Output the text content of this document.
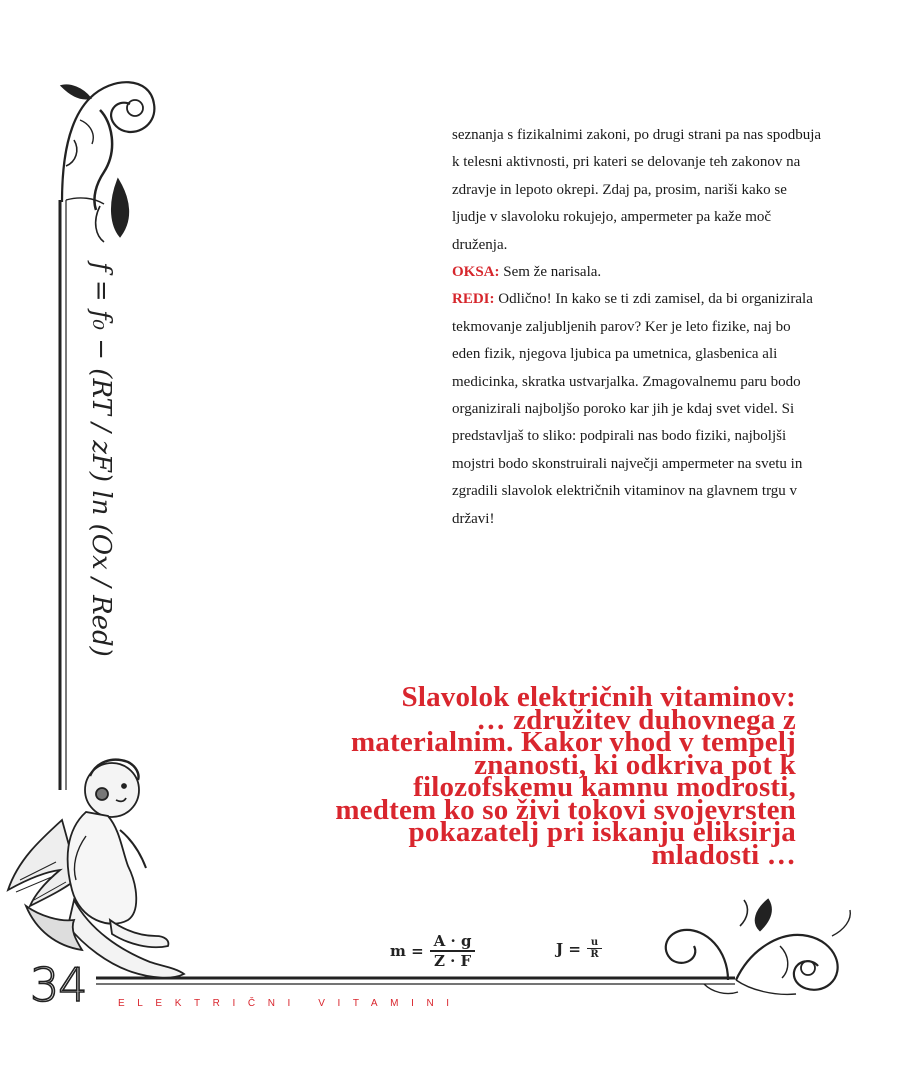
f = f₀ − (RT / zF) ln (Ox / Red)

seznanja s fizikalnimi zakoni, po drugi strani pa nas spodbuja k telesni aktivnosti, pri kateri se delovanje teh zakonov na zdravje in lepoto okrepi. Zdaj pa, prosim, nariši kako se ljudje v slavoloku rokujejo, ampermeter pa kaže moč druženja.

OKSA: Sem že narisala.

REDI: Odlično! In kako se ti zdi zamisel, da bi organizirala tekmovanje zaljubljenih parov? Ker je leto fizike, naj bo eden fizik, njegova ljubica pa umetnica, glasbenica ali medicinka, skratka ustvarjalka. Zmagovalnemu paru bodo organizirali najboljšo poroko kar jih je kdaj svet videl. Si predstavljaš to sliko: podpirali nas bodo fiziki, najboljši mojstri bodo skonstruirali največji ampermeter na svetu in zgradili slavolok električnih vitaminov na glavnem trgu v državi!

Slavolok električnih vitaminov:
… združitev duhovnega z
materialnim. Kakor vhod v tempelj
znanosti, ki odkriva pot k
filozofskemu kamnu modrosti,
medtem ko so živi tokovi svojevrsten
pokazatelj pri iskanju eliksirja
mladosti …
$m = \frac{A \cdot g}{Z \cdot F}$	$J = \frac{u}{R}$
34	ELEKTRIČNI VITAMINI
